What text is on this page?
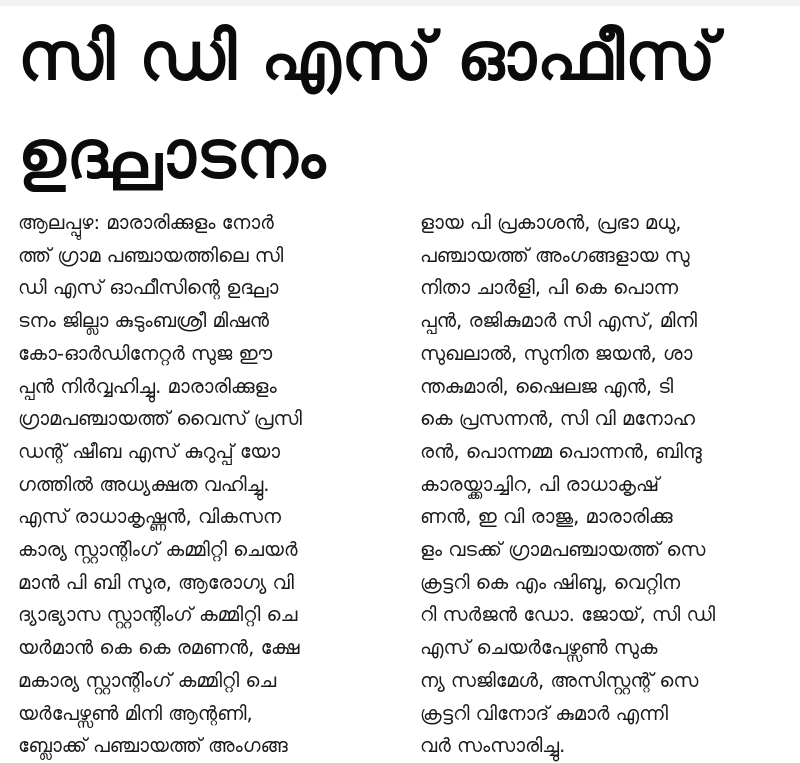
സി ഡി എസ് ഓഫീസ്
ഉദ്ഘാടനം
ആലപ്പുഴ: മാരാരിക്കുളം നോർ
ത്ത് ഗ്രാമ പഞ്ചായത്തിലെ സി
ഡി എസ് ഓഫീസിന്റെ ഉദ്ഘാ
ടനം ജില്ലാ കുടുംബശ്രീ മിഷൻ
കോ-ഓർഡിനേറ്റർ സുജ ഈ
പ്പൻ നിർവ്വഹിച്ചു. മാരാരിക്കുളം
ഗ്രാമപഞ്ചായത്ത് വൈസ് പ്രസി
ഡന്റ് ഷീബ എസ് കുറുപ്പ് യോ
ഗത്തിൽ അധ്യക്ഷത വഹിച്ചു.
എസ് രാധാകൃഷ്ണൻ, വികസന
കാര്യ സ്റ്റാന്റിംഗ് കമ്മിറ്റി ചെയർ
മാൻ പി ബി സുര, ആരോഗ്യ വി
ദ്യാഭ്യാസ സ്റ്റാന്റിംഗ് കമ്മിറ്റി ചെ
യർമാൻ കെ കെ രമണൻ, ക്ഷേ
മകാര്യ സ്റ്റാന്റിംഗ് കമ്മിറ്റി ചെ
യർപേഴ്സൺ മിനി ആന്റണി,
ബ്ലോക്ക് പഞ്ചായത്ത് അംഗങ്ങ
ളായ പി പ്രകാശൻ, പ്രഭാ മധു,
പഞ്ചായത്ത് അംഗങ്ങളായ സു
നിതാ ചാർളി, പി കെ പൊന്ന
പ്പൻ, രജികുമാർ സി എസ്, മിനി
സുഖലാൽ, സുനിത ജയൻ, ശാ
ന്തകുമാരി, ഷൈലജ എൻ, ടി
കെ പ്രസന്നൻ, സി വി മനോഹ
രൻ, പൊന്നമ്മ പൊന്നൻ, ബിന്ദു
കാരയ്ക്കാച്ചിറ, പി രാധാകൃഷ്
ണൻ, ഇ വി രാജു, മാരാരിക്കു
ളം വടക്ക് ഗ്രാമപഞ്ചായത്ത് സെ
ക്രട്ടറി കെ എം ഷിബു, വെറ്റിന
റി സർജൻ ഡോ. ജോയ്, സി ഡി
എസ് ചെയർപേഴ്സൺ സുക
ന്യ സജിമേൾ, അസിസ്റ്റന്റ് സെ
ക്രട്ടറി വിനോദ് കുമാർ എന്നി
വർ സംസാരിച്ചു.
